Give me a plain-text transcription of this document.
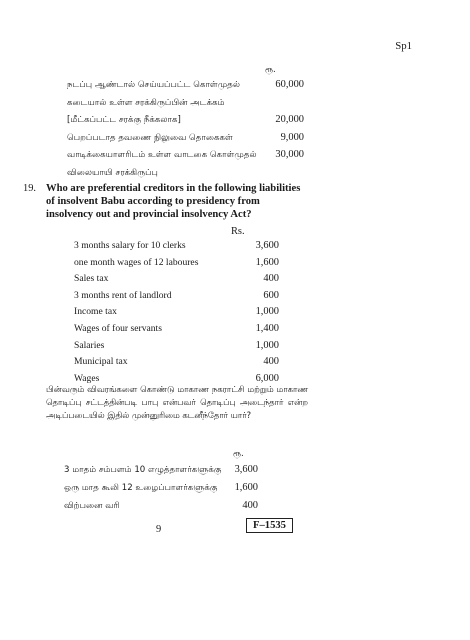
Sp1
ரூ.
நடப்பு ஆண்டால் செய்யப்பட்ட கொள்முதல்	60,000
கடையால் உள்ள சரக்கிருப்பின் அடக்கம்
[மீட்கப்பட்ட சரக்கு நீக்கலாக]	20,000
பெறப்படாத தவணை நிலுவை தொகைகள்	9,000
வாடிக்கையாளரிடம் உள்ள வாடகை கொள்முதல் 30,000
விலையாயி சரக்கிருப்பு
19. Who are preferential creditors in the following liabilities of insolvent Babu according to presidency from insolvency out and provincial insolvency Act?
Rs.
3 months salary for 10 clerks	3,600
one month wages of 12 laboures	1,600
Sales tax	400
3 months rent of landlord	600
Income tax	1,000
Wages of four servants	1,400
Salaries	1,000
Municipal tax	400
Wages	6,000
பின்வரும் விவரங்களை கொண்டு மாகாண நகராட்சி மற்றும் மாகாண தொடிப்பு சட்டத்தின்படி பாபு என்பவர் தொடிப்பு அடைந்தார் என்ற அடிப்படையில் இதில் முன்னுரிமை கடனீந்தோர் யார்?
ரூ.
3 மாதம் சம்பளம் 10 எழுத்தாளர்களுக்கு 3,600
ஒரு மாத கூலி 12 உழைப்பாளர்களுக்கு 1,600
விற்பனை வரி	400
9	F–1535
